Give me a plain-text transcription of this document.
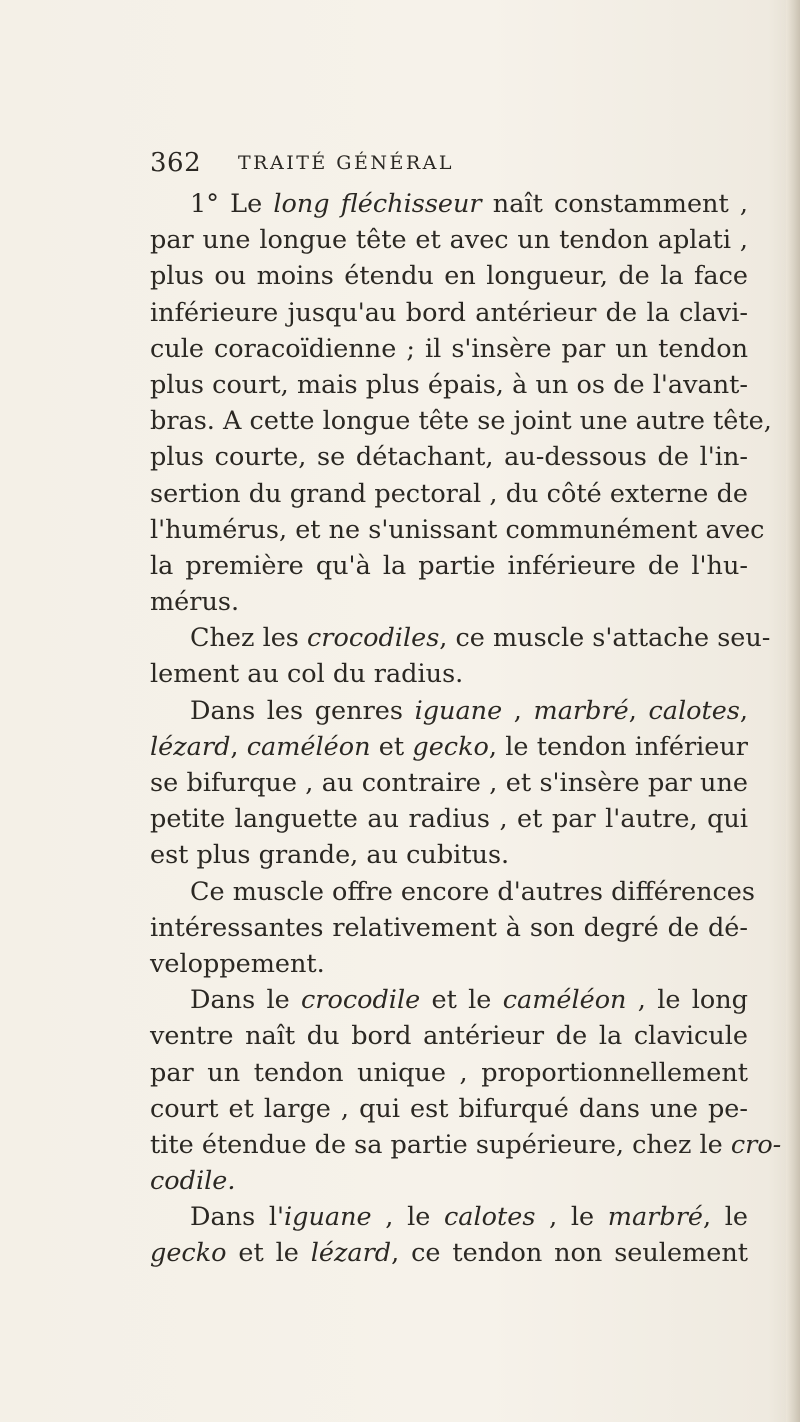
362 TRAITÉ GÉNÉRAL
1° Le long fléchisseur naît constamment ,
par une longue tête et avec un tendon aplati ,
plus ou moins étendu en longueur, de la face
inférieure jusqu'au bord antérieur de la clavi-
cule coracoïdienne ; il s'insère par un tendon
plus court, mais plus épais, à un os de l'avant-
bras. A cette longue tête se joint une autre tête,
plus courte, se détachant, au-dessous de l'in-
sertion du grand pectoral , du côté externe de
l'humérus, et ne s'unissant communément avec
la première qu'à la partie inférieure de l'hu-
mérus.
Chez les crocodiles, ce muscle s'attache seu-
lement au col du radius.
Dans les genres iguane , marbré, calotes,
lézard, caméléon et gecko, le tendon inférieur
se bifurque , au contraire , et s'insère par une
petite languette au radius , et par l'autre, qui
est plus grande, au cubitus.
Ce muscle offre encore d'autres différences
intéressantes relativement à son degré de dé-
veloppement.
Dans le crocodile et le caméléon , le long
ventre naît du bord antérieur de la clavicule
par un tendon unique , proportionnellement
court et large , qui est bifurqué dans une pe-
tite étendue de sa partie supérieure, chez le cro-
codile.
Dans l'iguane , le calotes , le marbré, le
gecko et le lézard, ce tendon non seulement
